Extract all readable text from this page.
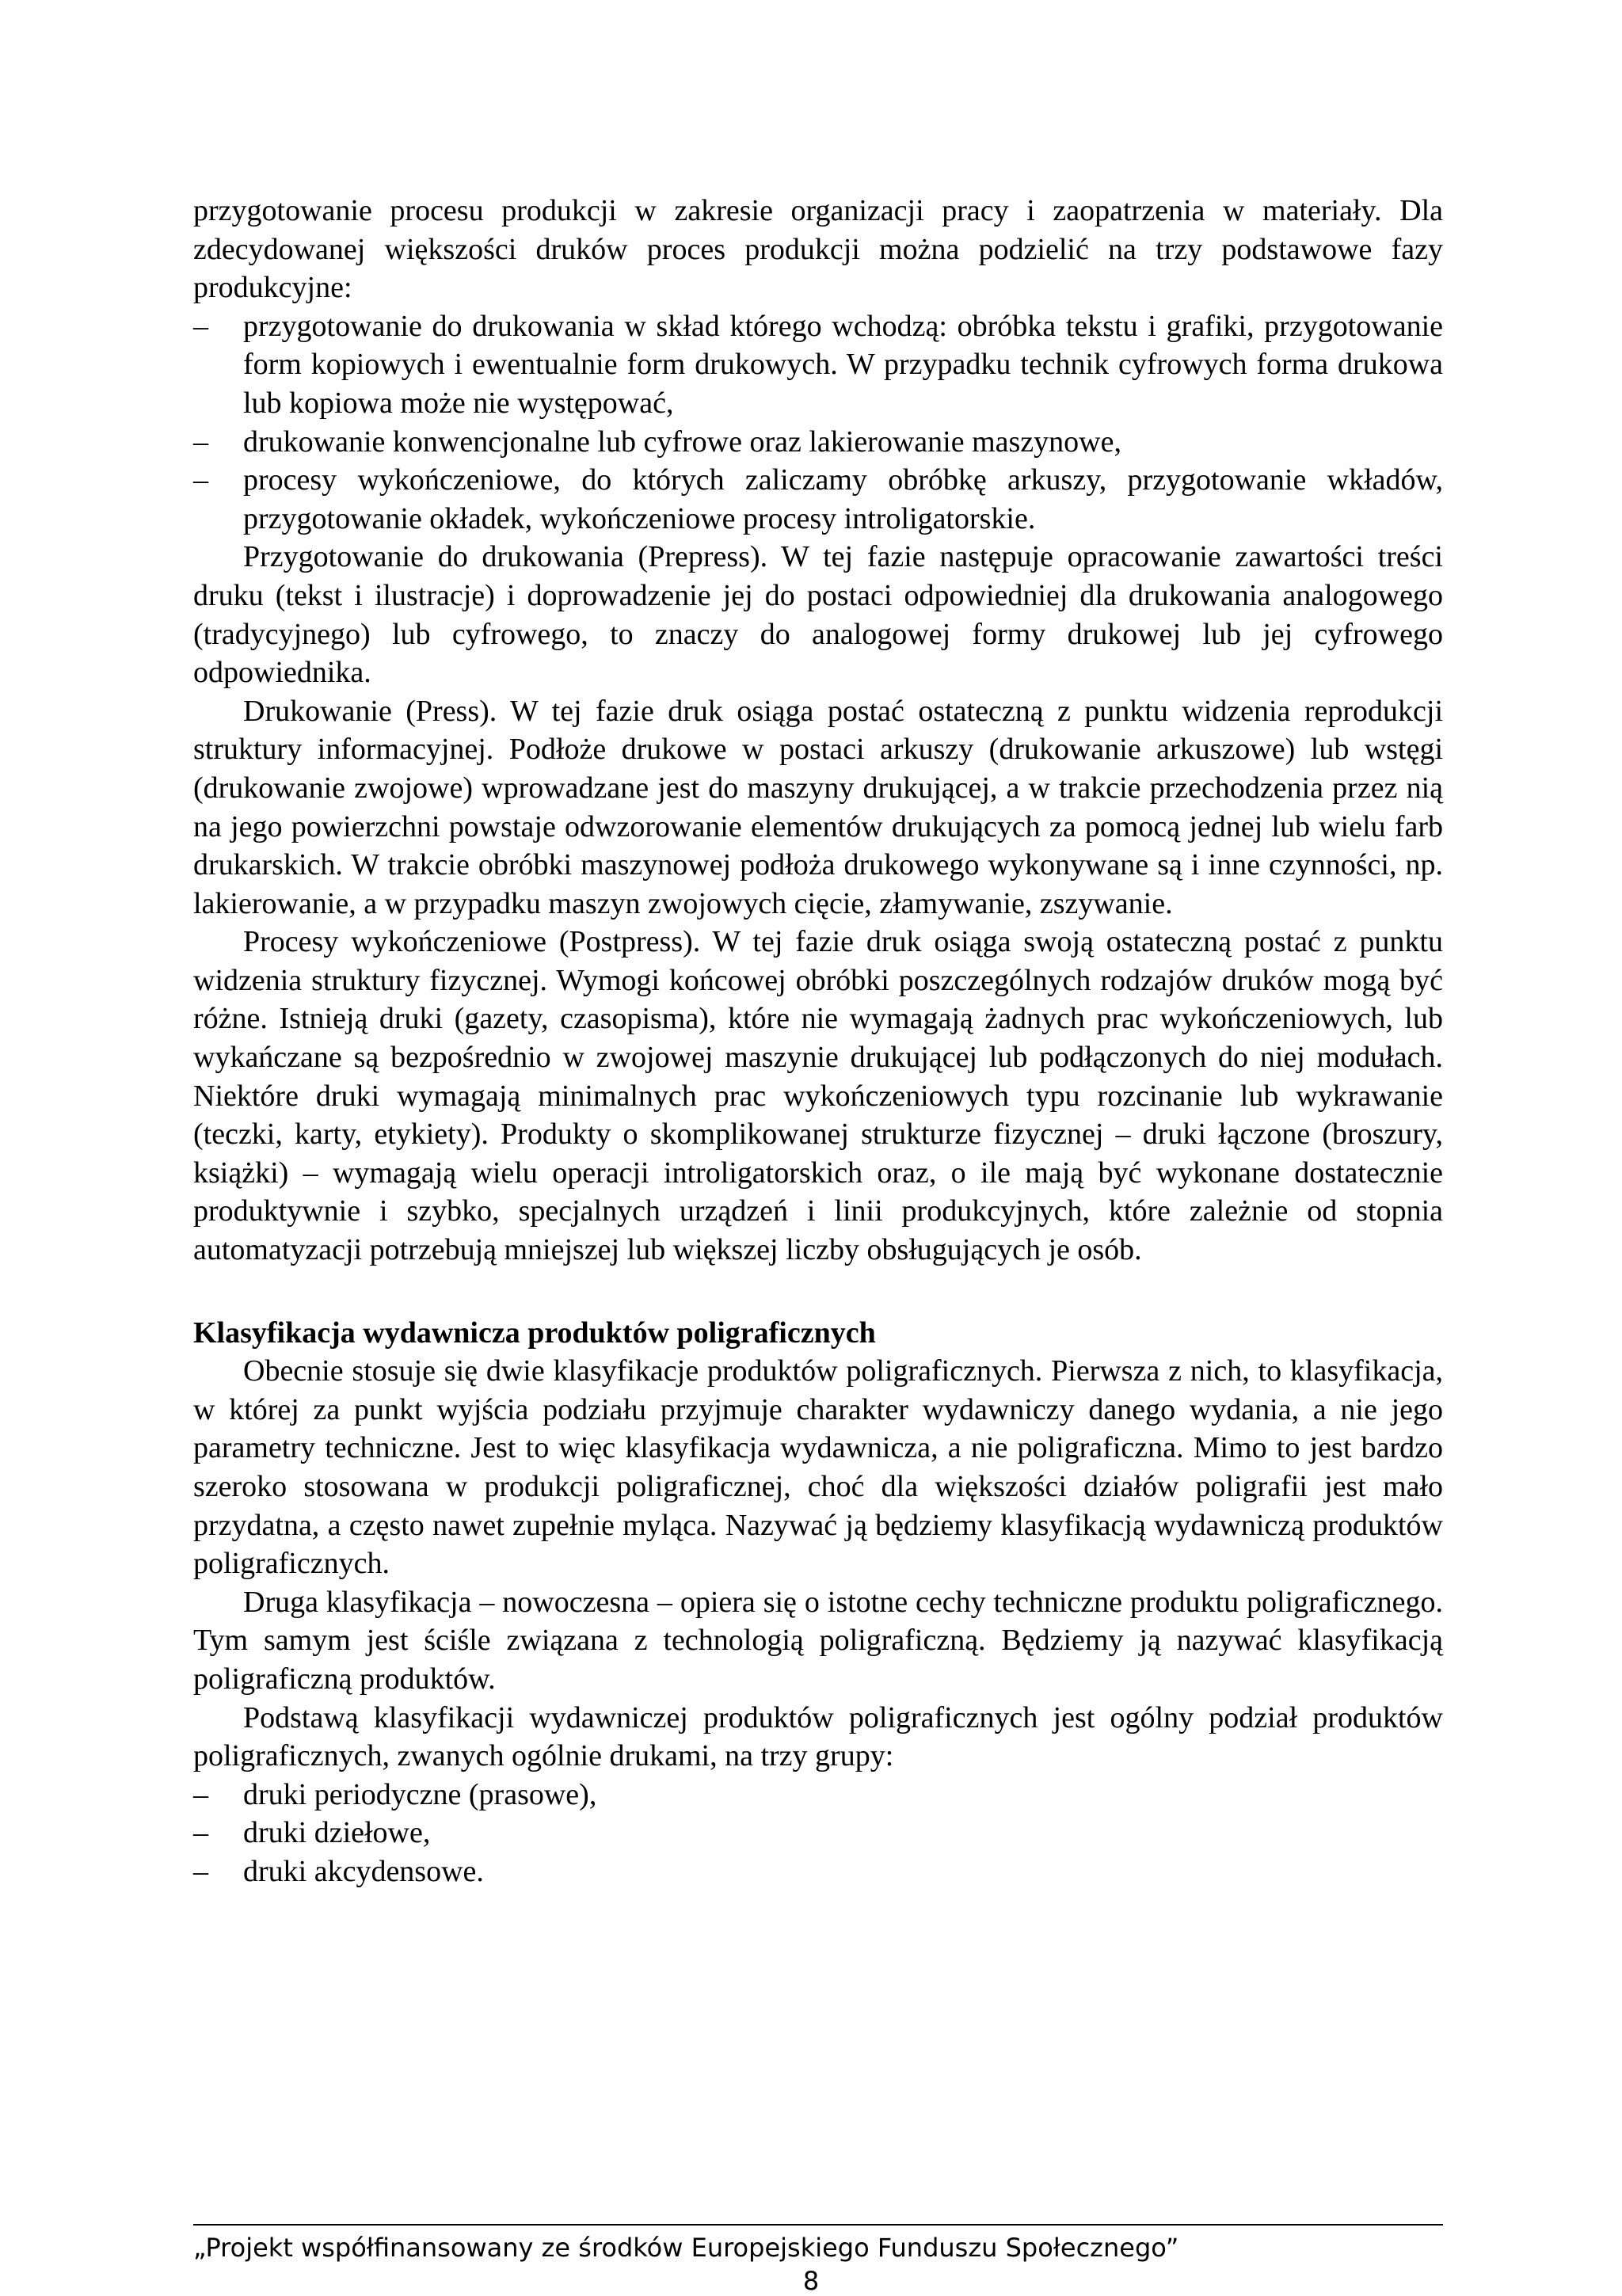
przygotowanie procesu produkcji w zakresie organizacji pracy i zaopatrzenia w materiały. Dla zdecydowanej większości druków proces produkcji można podzielić na trzy podstawowe fazy produkcyjne:

– przygotowanie do drukowania w skład którego wchodzą: obróbka tekstu i grafiki, przygotowanie form kopiowych i ewentualnie form drukowych. W przypadku technik cyfrowych forma drukowa lub kopiowa może nie występować,
– drukowanie konwencjonalne lub cyfrowe oraz lakierowanie maszynowe,
– procesy wykończeniowe, do których zaliczamy obróbkę arkuszy, przygotowanie wkładów, przygotowanie okładek, wykończeniowe procesy introligatorskie.

Przygotowanie do drukowania (Prepress). W tej fazie następuje opracowanie zawartości treści druku (tekst i ilustracje) i doprowadzenie jej do postaci odpowiedniej dla drukowania analogowego (tradycyjnego) lub cyfrowego, to znaczy do analogowej formy drukowej lub jej cyfrowego odpowiednika.

Drukowanie (Press). W tej fazie druk osiąga postać ostateczną z punktu widzenia reprodukcji struktury informacyjnej. Podłoże drukowe w postaci arkuszy (drukowanie arkuszowe) lub wstęgi (drukowanie zwojowe) wprowadzane jest do maszyny drukującej, a w trakcie przechodzenia przez nią na jego powierzchni powstaje odwzorowanie elementów drukujących za pomocą jednej lub wielu farb drukarskich. W trakcie obróbki maszynowej podłoża drukowego wykonywane są i inne czynności, np. lakierowanie, a w przypadku maszyn zwojowych cięcie, złamywanie, zszywanie.

Procesy wykończeniowe (Postpress). W tej fazie druk osiąga swoją ostateczną postać z punktu widzenia struktury fizycznej. Wymogi końcowej obróbki poszczególnych rodzajów druków mogą być różne. Istnieją druki (gazety, czasopisma), które nie wymagają żadnych prac wykończeniowych, lub wykańczane są bezpośrednio w zwojowej maszynie drukującej lub podłączonych do niej modułach. Niektóre druki wymagają minimalnych prac wykończeniowych typu rozcinanie lub wykrawanie (teczki, karty, etykiety). Produkty o skomplikowanej strukturze fizycznej – druki łączone (broszury, książki) – wymagają wielu operacji introligatorskich oraz, o ile mają być wykonane dostatecznie produktywnie i szybko, specjalnych urządzeń i linii produkcyjnych, które zależnie od stopnia automatyzacji potrzebują mniejszej lub większej liczby obsługujących je osób.

Klasyfikacja wydawnicza produktów poligraficznych

Obecnie stosuje się dwie klasyfikacje produktów poligraficznych. Pierwsza z nich, to klasyfikacja, w której za punkt wyjścia podziału przyjmuje charakter wydawniczy danego wydania, a nie jego parametry techniczne. Jest to więc klasyfikacja wydawnicza, a nie poligraficzna. Mimo to jest bardzo szeroko stosowana w produkcji poligraficznej, choć dla większości działów poligrafii jest mało przydatna, a często nawet zupełnie myląca. Nazywać ją będziemy klasyfikacją wydawniczą produktów poligraficznych.

Druga klasyfikacja – nowoczesna – opiera się o istotne cechy techniczne produktu poligraficznego. Tym samym jest ściśle związana z technologią poligraficzną. Będziemy ją nazywać klasyfikacją poligraficzną produktów.

Podstawą klasyfikacji wydawniczej produktów poligraficznych jest ogólny podział produktów poligraficznych, zwanych ogólnie drukami, na trzy grupy:

– druki periodyczne (prasowe),
– druki dziełowe,
– druki akcydensowe.
„Projekt współfinansowany ze środków Europejskiego Funduszu Społecznego”
8
